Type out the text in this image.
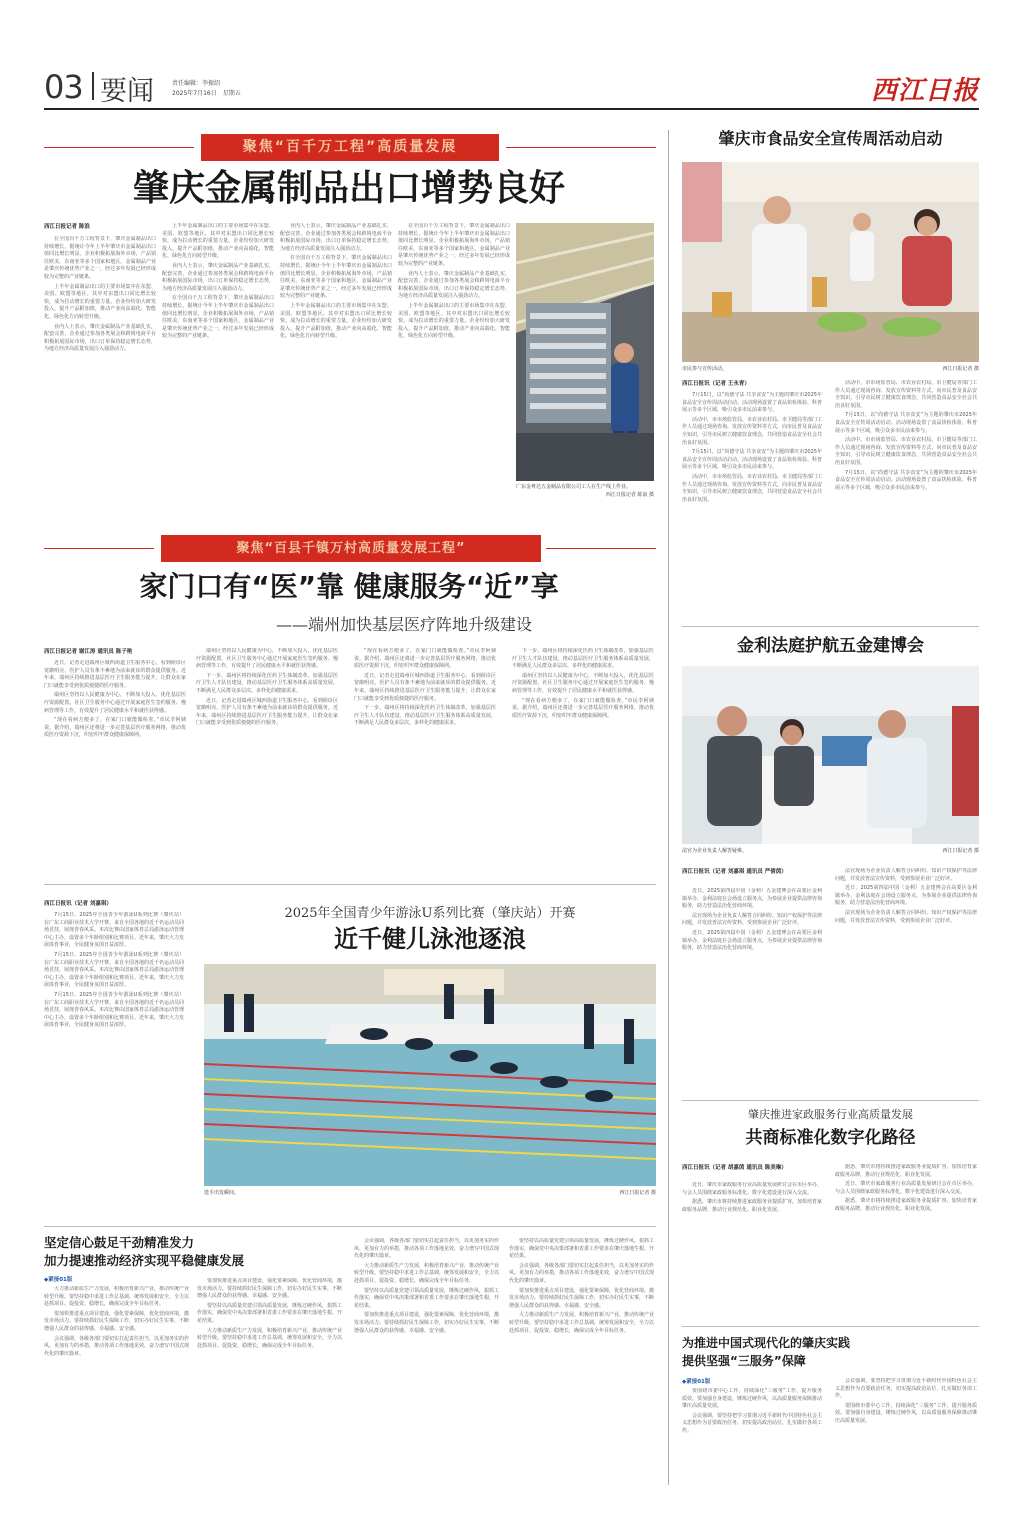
03 要闻	责任编辑：李振绍
2025年7月16日　星期五	西江日报
聚焦“百千万工程”高质量发展
肇庆金属制品出口增势良好
西江日报记者 陈浪

在全国百千万工程背景下，肇庆金属制品出口持续增长，据统计今年上半年肇庆市金属制品出口值同比增长明显。企业积极拓展海外市场，产品销往欧美、东南亚等多个国家和地区。金属制品产业是肇庆传统优势产业之一，经过多年发展已经形成较为完整的产业链条。

上半年金属制品出口的主要市场集中在东盟、美国、欧盟等地区。其中对东盟出口同比增长较快，成为拉动增长的重要力量。企业纷纷加大研发投入，提升产品附加值，推动产业向高端化、智能化、绿色化方向转型升级。

业内人士表示，肇庆金属制品产业基础扎实，配套完善，企业通过参加各类展会和跨境电商平台积极拓展国际市场，出口订单保持稳定增长态势，为地方经济高质量发展注入强劲动力。

上半年金属制品出口的主要市场集中在东盟、美国、欧盟等地区。其中对东盟出口同比增长较快，成为拉动增长的重要力量。企业纷纷加大研发投入，提升产品附加值，推动产业向高端化、智能化、绿色化方向转型升级。

业内人士表示，肇庆金属制品产业基础扎实，配套完善，企业通过参加各类展会和跨境电商平台积极拓展国际市场，出口订单保持稳定增长态势，为地方经济高质量发展注入强劲动力。

在全国百千万工程背景下，肇庆金属制品出口持续增长，据统计今年上半年肇庆市金属制品出口值同比增长明显。企业积极拓展海外市场，产品销往欧美、东南亚等多个国家和地区。金属制品产业是肇庆传统优势产业之一，经过多年发展已经形成较为完整的产业链条。

业内人士表示，肇庆金属制品产业基础扎实，配套完善，企业通过参加各类展会和跨境电商平台积极拓展国际市场，出口订单保持稳定增长态势，为地方经济高质量发展注入强劲动力。

在全国百千万工程背景下，肇庆金属制品出口持续增长，据统计今年上半年肇庆市金属制品出口值同比增长明显。企业积极拓展海外市场，产品销往欧美、东南亚等多个国家和地区。金属制品产业是肇庆传统优势产业之一，经过多年发展已经形成较为完整的产业链条。

上半年金属制品出口的主要市场集中在东盟、美国、欧盟等地区。其中对东盟出口同比增长较快，成为拉动增长的重要力量。企业纷纷加大研发投入，提升产品附加值，推动产业向高端化、智能化、绿色化方向转型升级。

在全国百千万工程背景下，肇庆金属制品出口持续增长，据统计今年上半年肇庆市金属制品出口值同比增长明显。企业积极拓展海外市场，产品销往欧美、东南亚等多个国家和地区。金属制品产业是肇庆传统优势产业之一，经过多年发展已经形成较为完整的产业链条。

业内人士表示，肇庆金属制品产业基础扎实，配套完善，企业通过参加各类展会和跨境电商平台积极拓展国际市场，出口订单保持稳定增长态势，为地方经济高质量发展注入强劲动力。

上半年金属制品出口的主要市场集中在东盟、美国、欧盟等地区。其中对东盟出口同比增长较快，成为拉动增长的重要力量。企业纷纷加大研发投入，提升产品附加值，推动产业向高端化、智能化、绿色化方向转型升级。

广东金粤达五金制品有限公司工人在生产线上作业。
西江日报记者 陈浪 摄
聚焦“百县千镇万村高质量发展工程”
家门口有“医”靠 健康服务“近”享
——端州加快基层医疗阵地升级建设
西江日报记者 谢江涛 通讯员 陈子艳

近日，记者走进端州区城西街道卫生服务中心，看到候诊区宽敞明亮，医护人员有条不紊地为前来就诊的群众提供服务。近年来，端州区持续推进基层医疗卫生服务能力提升，让群众在家门口就能享受到优质便捷的医疗服务。

端州区坚持以人民健康为中心，不断加大投入，优化基层医疗资源配置。社区卫生服务中心通过开展家庭医生签约服务、慢病管理等工作，有效提升了居民健康水平和就医获得感。

“现在看病方便多了，在家门口就能做检查。”市民李阿姨说。据介绍，端州区还将进一步完善基层医疗服务网络，推动优质医疗资源下沉，织密织牢群众健康保障网。

端州区坚持以人民健康为中心，不断加大投入，优化基层医疗资源配置。社区卫生服务中心通过开展家庭医生签约服务、慢病管理等工作，有效提升了居民健康水平和就医获得感。

下一步，端州区将持续深化医药卫生体制改革，加强基层医疗卫生人才队伍建设，推动基层医疗卫生服务体系高质量发展，不断满足人民群众多层次、多样化的健康需求。

近日，记者走进端州区城西街道卫生服务中心，看到候诊区宽敞明亮，医护人员有条不紊地为前来就诊的群众提供服务。近年来，端州区持续推进基层医疗卫生服务能力提升，让群众在家门口就能享受到优质便捷的医疗服务。

“现在看病方便多了，在家门口就能做检查。”市民李阿姨说。据介绍，端州区还将进一步完善基层医疗服务网络，推动优质医疗资源下沉，织密织牢群众健康保障网。

近日，记者走进端州区城西街道卫生服务中心，看到候诊区宽敞明亮，医护人员有条不紊地为前来就诊的群众提供服务。近年来，端州区持续推进基层医疗卫生服务能力提升，让群众在家门口就能享受到优质便捷的医疗服务。

下一步，端州区将持续深化医药卫生体制改革，加强基层医疗卫生人才队伍建设，推动基层医疗卫生服务体系高质量发展，不断满足人民群众多层次、多样化的健康需求。

下一步，端州区将持续深化医药卫生体制改革，加强基层医疗卫生人才队伍建设，推动基层医疗卫生服务体系高质量发展，不断满足人民群众多层次、多样化的健康需求。

端州区坚持以人民健康为中心，不断加大投入，优化基层医疗资源配置。社区卫生服务中心通过开展家庭医生签约服务、慢病管理等工作，有效提升了居民健康水平和就医获得感。

“现在看病方便多了，在家门口就能做检查。”市民李阿姨说。据介绍，端州区还将进一步完善基层医疗服务网络，推动优质医疗资源下沉，织密织牢群众健康保障网。

西江日报讯（记者 刘嘉琪）

7月15日，2025年全国青少年游泳U系列比赛（肇庆站）在广东工商职业技术大学开赛。来自全国各地的近千名运动员同场竞技，展现青春风采。本次比赛由国家体育总局游泳运动管理中心主办，设置多个年龄组别和比赛项目。近年来，肇庆大力发展体育事业，全民健身氛围日益浓厚。

7月15日，2025年全国青少年游泳U系列比赛（肇庆站）在广东工商职业技术大学开赛。来自全国各地的近千名运动员同场竞技，展现青春风采。本次比赛由国家体育总局游泳运动管理中心主办，设置多个年龄组别和比赛项目。近年来，肇庆大力发展体育事业，全民健身氛围日益浓厚。

7月15日，2025年全国青少年游泳U系列比赛（肇庆站）在广东工商职业技术大学开赛。来自全国各地的近千名运动员同场竞技，展现青春风采。本次比赛由国家体育总局游泳运动管理中心主办，设置多个年龄组别和比赛项目。近年来，肇庆大力发展体育事业，全民健身氛围日益浓厚。

2025年全国青少年游泳U系列比赛（肇庆站）开赛
近千健儿泳池逐浪
选手出发瞬间。	西江日报记者 摄
坚定信心鼓足干劲精准发力
加力提速推动经济实现平稳健康发展
◆紧接01版

大力推动新质生产力发展，积极培育新兴产业，推动传统产业转型升级。要坚持稳中求进工作总基调，统筹发展和安全，全力以赴抓项目、促投资、稳增长，确保完成全年目标任务。

要加快推进重点项目建设，强化要素保障，优化营商环境，激发市场活力。要持续抓好民生保障工作，切实办好民生实事，不断增强人民群众的获得感、幸福感、安全感。

会议强调，各级各部门要切实扛起责任担当，以更加务实的作风、更加有力的举措，推动各项工作落地见效，奋力谱写中国式现代化的肇庆篇章。

要加快推进重点项目建设，强化要素保障，优化营商环境，激发市场活力。要持续抓好民生保障工作，切实办好民生实事，不断增强人民群众的获得感、幸福感、安全感。

要坚持以高质量党建引领高质量发展，锤炼过硬作风，狠抓工作落实，确保党中央决策部署和省委工作要求在肇庆落地生根、开花结果。

大力推动新质生产力发展，积极培育新兴产业，推动传统产业转型升级。要坚持稳中求进工作总基调，统筹发展和安全，全力以赴抓项目、促投资、稳增长，确保完成全年目标任务。

会议强调，各级各部门要切实扛起责任担当，以更加务实的作风、更加有力的举措，推动各项工作落地见效，奋力谱写中国式现代化的肇庆篇章。

大力推动新质生产力发展，积极培育新兴产业，推动传统产业转型升级。要坚持稳中求进工作总基调，统筹发展和安全，全力以赴抓项目、促投资、稳增长，确保完成全年目标任务。

要坚持以高质量党建引领高质量发展，锤炼过硬作风，狠抓工作落实，确保党中央决策部署和省委工作要求在肇庆落地生根、开花结果。

要加快推进重点项目建设，强化要素保障，优化营商环境，激发市场活力。要持续抓好民生保障工作，切实办好民生实事，不断增强人民群众的获得感、幸福感、安全感。

要坚持以高质量党建引领高质量发展，锤炼过硬作风，狠抓工作落实，确保党中央决策部署和省委工作要求在肇庆落地生根、开花结果。

会议强调，各级各部门要切实扛起责任担当，以更加务实的作风、更加有力的举措，推动各项工作落地见效，奋力谱写中国式现代化的肇庆篇章。

要加快推进重点项目建设，强化要素保障，优化营商环境，激发市场活力。要持续抓好民生保障工作，切实办好民生实事，不断增强人民群众的获得感、幸福感、安全感。

大力推动新质生产力发展，积极培育新兴产业，推动传统产业转型升级。要坚持稳中求进工作总基调，统筹发展和安全，全力以赴抓项目、促投资、稳增长，确保完成全年目标任务。

肇庆市食品安全宣传周活动启动
市民参与宣传活动。	西江日报记者 摄
西江日报讯（记者 王永青）

7月15日，以“尚德守法 共享食安”为主题的肇庆市2025年食品安全宣传周活动启动。活动现场设置了食品快检体验、科普展示等多个区域，吸引众多市民前来参与。

活动中，市市场监管局、市农业农村局、市卫健局等部门工作人员通过现场咨询、发放宣传资料等方式，向市民普及食品安全知识，引导市民树立健康饮食理念，共同营造食品安全社会共治良好氛围。

7月15日，以“尚德守法 共享食安”为主题的肇庆市2025年食品安全宣传周活动启动。活动现场设置了食品快检体验、科普展示等多个区域，吸引众多市民前来参与。

活动中，市市场监管局、市农业农村局、市卫健局等部门工作人员通过现场咨询、发放宣传资料等方式，向市民普及食品安全知识，引导市民树立健康饮食理念，共同营造食品安全社会共治良好氛围。

活动中，市市场监管局、市农业农村局、市卫健局等部门工作人员通过现场咨询、发放宣传资料等方式，向市民普及食品安全知识，引导市民树立健康饮食理念，共同营造食品安全社会共治良好氛围。

7月15日，以“尚德守法 共享食安”为主题的肇庆市2025年食品安全宣传周活动启动。活动现场设置了食品快检体验、科普展示等多个区域，吸引众多市民前来参与。

活动中，市市场监管局、市农业农村局、市卫健局等部门工作人员通过现场咨询、发放宣传资料等方式，向市民普及食品安全知识，引导市民树立健康饮食理念，共同营造食品安全社会共治良好氛围。

7月15日，以“尚德守法 共享食安”为主题的肇庆市2025年食品安全宣传周活动启动。活动现场设置了食品快检体验、科普展示等多个区域，吸引众多市民前来参与。

金利法庭护航五金建博会
法官为企业负责人解答疑难。	西江日报记者 摄
西江日报讯（记者 刘嘉琪 通讯员 严倩茵）

近日，2025第四届中国（金利）五金建博会在高要区金利镇举办，金利法庭在会场设立服务点，为参展企业提供法律咨询服务，助力营造法治化营商环境。

法官现场为企业负责人解答合同纠纷、知识产权保护等法律问题，并发放普法宣传资料，受到参展企业广泛好评。

近日，2025第四届中国（金利）五金建博会在高要区金利镇举办，金利法庭在会场设立服务点，为参展企业提供法律咨询服务，助力营造法治化营商环境。

法官现场为企业负责人解答合同纠纷、知识产权保护等法律问题，并发放普法宣传资料，受到参展企业广泛好评。

近日，2025第四届中国（金利）五金建博会在高要区金利镇举办，金利法庭在会场设立服务点，为参展企业提供法律咨询服务，助力营造法治化营商环境。

法官现场为企业负责人解答合同纠纷、知识产权保护等法律问题，并发放普法宣传资料，受到参展企业广泛好评。

肇庆推进家政服务行业高质量发展
共商标准化数字化路径
西江日报讯（记者 胡嘉茵 通讯员 陈美琳）

近日，肇庆市家政服务行业高质量发展研讨会在市区举办，与会人员围绕家政服务标准化、数字化建设进行深入交流。

据悉，肇庆市将持续推进家政服务业提质扩容，加快培育家政服务品牌，推动行业规范化、职业化发展。

据悉，肇庆市将持续推进家政服务业提质扩容，加快培育家政服务品牌，推动行业规范化、职业化发展。

近日，肇庆市家政服务行业高质量发展研讨会在市区举办，与会人员围绕家政服务标准化、数字化建设进行深入交流。

据悉，肇庆市将持续推进家政服务业提质扩容，加快培育家政服务品牌，推动行业规范化、职业化发展。

为推进中国式现代化的肇庆实践
提供坚强“三服务”保障
◆紧接01版

要围绕市委中心工作，持续深化“三服务”工作，提升服务质效。要加强自身建设，锤炼过硬作风，以高质量服务保障推动肇庆高质量发展。

会议强调，要坚持把学习贯彻习近平新时代中国特色社会主义思想作为首要政治任务，切实提高政治站位，扎实做好各项工作。

会议强调，要坚持把学习贯彻习近平新时代中国特色社会主义思想作为首要政治任务，切实提高政治站位，扎实做好各项工作。

要围绕市委中心工作，持续深化“三服务”工作，提升服务质效。要加强自身建设，锤炼过硬作风，以高质量服务保障推动肇庆高质量发展。
